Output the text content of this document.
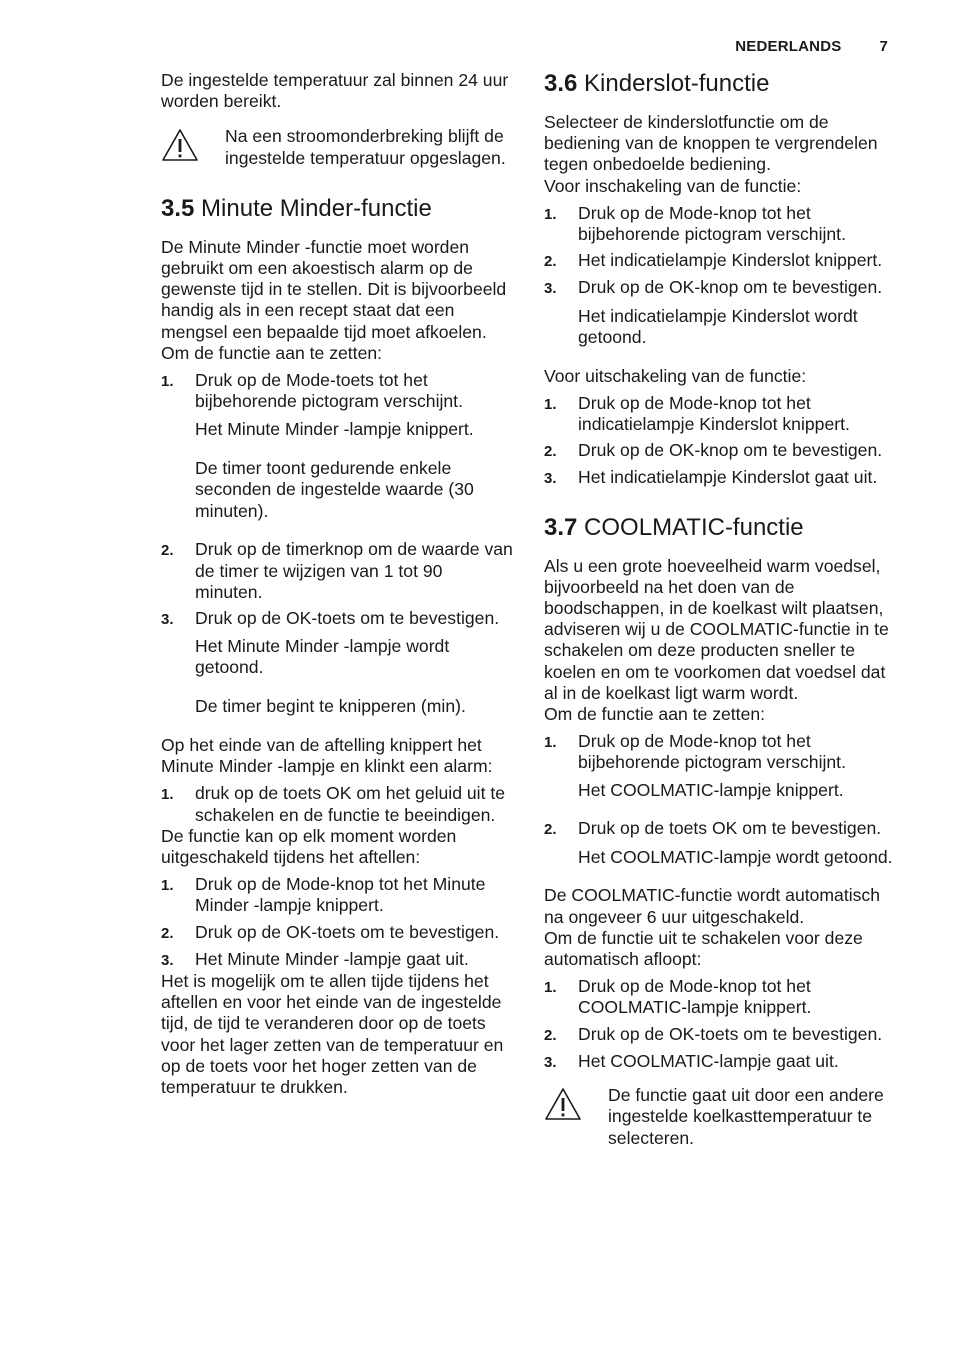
NEDERLANDS	7

De ingestelde temperatuur zal binnen 24 uur worden bereikt.

Na een stroomonderbreking blijft de ingestelde temperatuur opgeslagen.

3.5 Minute Minder-functie

De Minute Minder -functie moet worden gebruikt om een akoestisch alarm op de gewenste tijd in te stellen. Dit is bijvoorbeeld handig als in een recept staat dat een mengsel een bepaalde tijd moet afkoelen.

Om de functie aan te zetten:

1.	Druk op de Mode-toets tot het bijbehorende pictogram verschijnt.

Het Minute Minder -lampje knippert.

De timer toont gedurende enkele seconden de ingestelde waarde (30 minuten).

2.	Druk op de timerknop om de waarde van de timer te wijzigen van 1 tot 90 minuten.
3.	Druk op de OK-toets om te bevestigen.

Het Minute Minder -lampje wordt getoond.

De timer begint te knipperen (min).

Op het einde van de aftelling knippert het Minute Minder -lampje en klinkt een alarm:

1.	druk op de toets OK om het geluid uit te schakelen en de functie te beeindigen.

De functie kan op elk moment worden uitgeschakeld tijdens het aftellen:

1.	Druk op de Mode-knop tot het Minute Minder -lampje knippert.
2.	Druk op de OK-toets om te bevestigen.
3.	Het Minute Minder -lampje gaat uit.

Het is mogelijk om te allen tijde tijdens het aftellen en voor het einde van de ingestelde tijd, de tijd te veranderen door op de toets voor het lager zetten van de temperatuur en op de toets voor het hoger zetten van de temperatuur te drukken.

3.6 Kinderslot-functie

Selecteer de kinderslotfunctie om de bediening van de knoppen te vergrendelen tegen onbedoelde bediening.

Voor inschakeling van de functie:

1.	Druk op de Mode-knop tot het bijbehorende pictogram verschijnt.
2.	Het indicatielampje Kinderslot knippert.
3.	Druk op de OK-knop om te bevestigen.

Het indicatielampje Kinderslot wordt getoond.

Voor uitschakeling van de functie:

1.	Druk op de Mode-knop tot het indicatielampje Kinderslot knippert.
2.	Druk op de OK-knop om te bevestigen.
3.	Het indicatielampje Kinderslot gaat uit.
3.7 COOLMATIC-functie

Als u een grote hoeveelheid warm voedsel, bijvoorbeeld na het doen van de boodschappen, in de koelkast wilt plaatsen, adviseren wij u de COOLMATIC-functie in te schakelen om deze producten sneller te koelen en om te voorkomen dat voedsel dat al in de koelkast ligt warm wordt.

Om de functie aan te zetten:

1.	Druk op de Mode-knop tot het bijbehorende pictogram verschijnt.

Het COOLMATIC-lampje knippert.

2.	Druk op de toets OK om te bevestigen.

Het COOLMATIC-lampje wordt getoond.

De COOLMATIC-functie wordt automatisch na ongeveer 6 uur uitgeschakeld.

Om de functie uit te schakelen voor deze automatisch afloopt:

1.	Druk op de Mode-knop tot het COOLMATIC-lampje knippert.
2.	Druk op de OK-toets om te bevestigen.
3.	Het COOLMATIC-lampje gaat uit.

De functie gaat uit door een andere ingestelde koelkasttemperatuur te selecteren.
